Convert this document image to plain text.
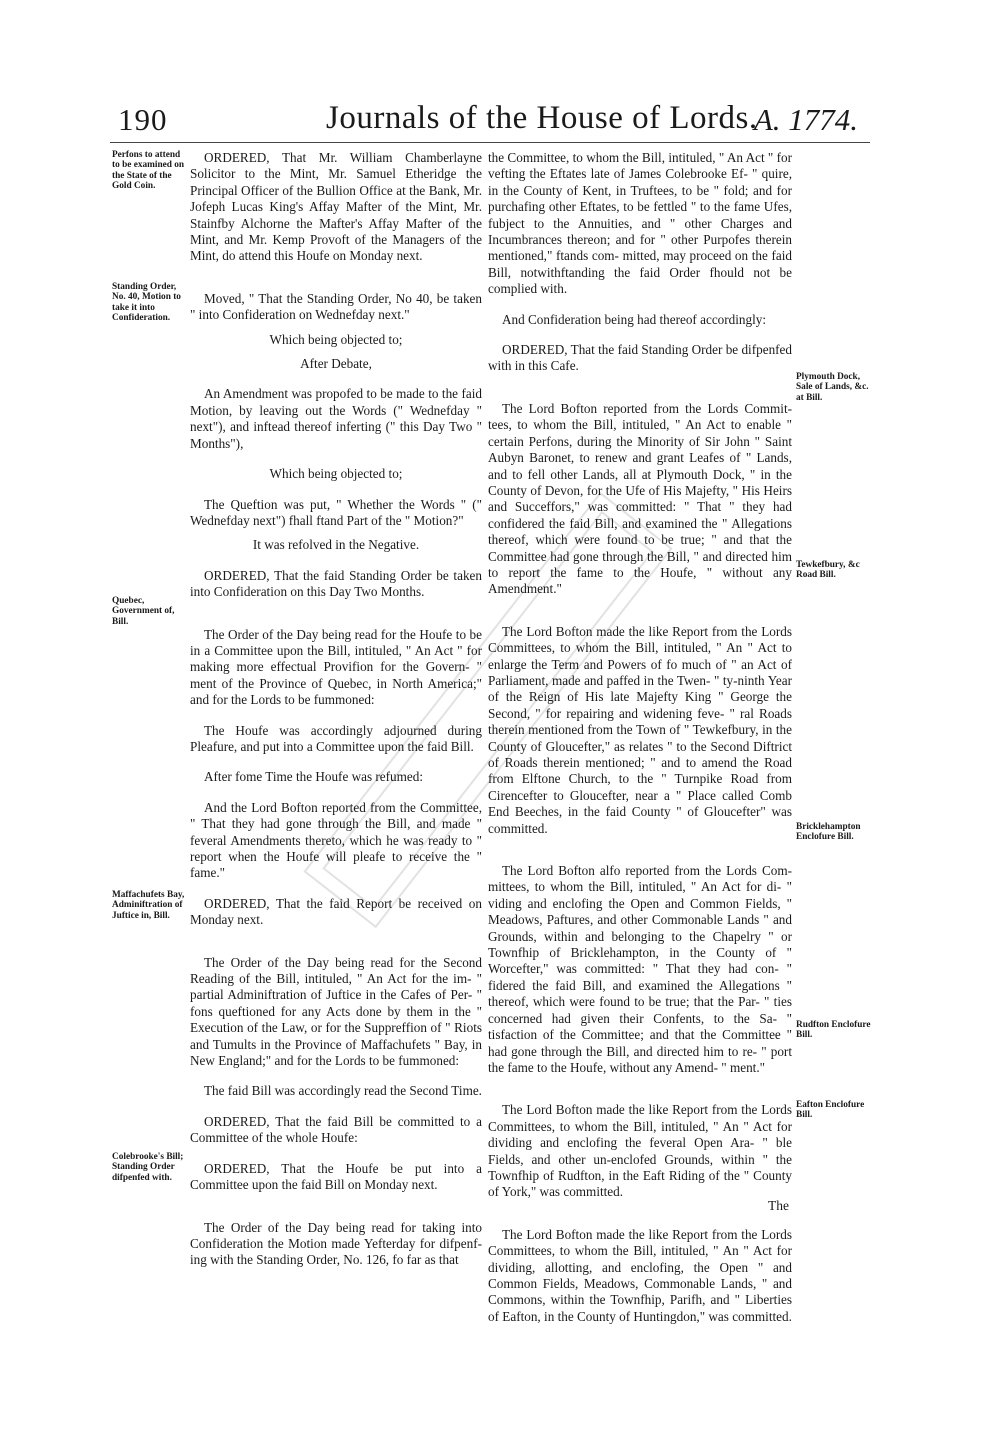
190	Journals of the House of Lords.
A. 1774.
Perfons to attend to be examined on the State of the Gold Coin.
Standing Order, No. 40, Motion to take it into Confideration.
Quebec, Government of, Bill.
Maffachufets Bay, Adminiftration of Juftice in, Bill.
Colebrooke's Bill; Standing Order difpenfed with.
Plymouth Dock, Sale of Lands, &c. at Bill.
Tewkefbury, &c Road Bill.
Bricklehampton Enclofure Bill.
Rudfton Enclofure Bill.
Eafton Enclofure Bill.

ORDERED, That Mr. William Chamberlayne Solicitor to the Mint, Mr. Samuel Etheridge the Principal Officer of the Bullion Office at the Bank, Mr. Jofeph Lucas King's Affay Mafter of the Mint, Mr. Stainfby Alchorne the Mafter's Affay Mafter of the Mint, and Mr. Kemp Provoft of the Managers of the Mint, do attend this Houfe on Monday next.

Moved, " That the Standing Order, No 40, be taken " into Confideration on Wednefday next."

Which being objected to;

After Debate,

An Amendment was propofed to be made to the faid Motion, by leaving out the Words (" Wednefday " next"), and inftead thereof inferting (" this Day Two " Months"),

Which being objected to;

The Queftion was put, " Whether the Words " (" Wednefday next") fhall ftand Part of the " Motion?"

It was refolved in the Negative.

ORDERED, That the faid Standing Order be taken into Confideration on this Day Two Months.

The Order of the Day being read for the Houfe to be in a Committee upon the Bill, intituled, " An Act " for making more effectual Provifion for the Govern- " ment of the Province of Quebec, in North America;" and for the Lords to be fummoned:

The Houfe was accordingly adjourned during Pleafure, and put into a Committee upon the faid Bill.

After fome Time the Houfe was refumed:

And the Lord Bofton reported from the Committee, " That they had gone through the Bill, and made " feveral Amendments thereto, which he was ready to " report when the Houfe will pleafe to receive the " fame."

ORDERED, That the faid Report be received on Monday next.

The Order of the Day being read for the Second Reading of the Bill, intituled, " An Act for the im- " partial Adminiftration of Juftice in the Cafes of Per- " fons queftioned for any Acts done by them in the " Execution of the Law, or for the Suppreffion of " Riots and Tumults in the Province of Maffachufets " Bay, in New England;" and for the Lords to be fummoned:

The faid Bill was accordingly read the Second Time.

ORDERED, That the faid Bill be committed to a Committee of the whole Houfe:

ORDERED, That the Houfe be put into a Committee upon the faid Bill on Monday next.

The Order of the Day being read for taking into Confideration the Motion made Yefterday for difpenf- ing with the Standing Order, No. 126, fo far as that

the Committee, to whom the Bill, intituled, " An Act " for vefting the Eftates late of James Colebrooke Ef- " quire, in the County of Kent, in Truftees, to be " fold; and for purchafing other Eftates, to be fettled " to the fame Ufes, fubject to the Annuities, and " other Charges and Incumbrances thereon; and for " other Purpofes therein mentioned," ftands com- mitted, may proceed on the faid Bill, notwithftanding the faid Order fhould not be complied with.

And Confideration being had thereof accordingly:

ORDERED, That the faid Standing Order be difpenfed with in this Cafe.

The Lord Bofton reported from the Lords Commit- tees, to whom the Bill, intituled, " An Act to enable " certain Perfons, during the Minority of Sir John " Saint Aubyn Baronet, to renew and grant Leafes of " Lands, and to fell other Lands, all at Plymouth Dock, " in the County of Devon, for the Ufe of His Majefty, " His Heirs and Succeffors," was committed: " That " they had confidered the faid Bill, and examined the " Allegations thereof, which were found to be true; " and that the Committee had gone through the Bill, " and directed him to report the fame to the Houfe, " without any Amendment."

The Lord Bofton made the like Report from the Lords Committees, to whom the Bill, intituled, " An " Act to enlarge the Term and Powers of fo much of " an Act of Parliament, made and paffed in the Twen- " ty-ninth Year of the Reign of His late Majefty King " George the Second, " for repairing and widening feve- " ral Roads therein mentioned from the Town of " Tewkefbury, in the County of Gloucefter," as relates " to the Second Diftrict of Roads therein mentioned; " and to amend the Road from Elftone Church, to the " Turnpike Road from Cirencefter to Gloucefter, near a " Place called Comb End Beeches, in the faid County " of Gloucefter" was committed.

The Lord Bofton alfo reported from the Lords Com- mittees, to whom the Bill, intituled, " An Act for di- " viding and enclofing the Open and Common Fields, " Meadows, Paftures, and other Commonable Lands " and Grounds, within and belonging to the Chapelry " or Townfhip of Bricklehampton, in the County of " Worcefter," was committed: " That they had con- " fidered the faid Bill, and examined the Allegations " thereof, which were found to be true; that the Par- " ties concerned had given their Confents, to the Sa- " tisfaction of the Committee; and that the Committee " had gone through the Bill, and directed him to re- " port the fame to the Houfe, without any Amend- " ment."

The Lord Bofton made the like Report from the Lords Committees, to whom the Bill, intituled, " An " Act for dividing and enclofing the feveral Open Ara- " ble Fields, and other un-enclofed Grounds, within " the Townfhip of Rudfton, in the Eaft Riding of the " County of York," was committed.

The Lord Bofton made the like Report from the Lords Committees, to whom the Bill, intituled, " An " Act for dividing, allotting, and enclofing, the Open " and Common Fields, Meadows, Commonable Lands, " and Commons, within the Townfhip, Parifh, and " Liberties of Eafton, in the County of Huntingdon," was committed.

The
